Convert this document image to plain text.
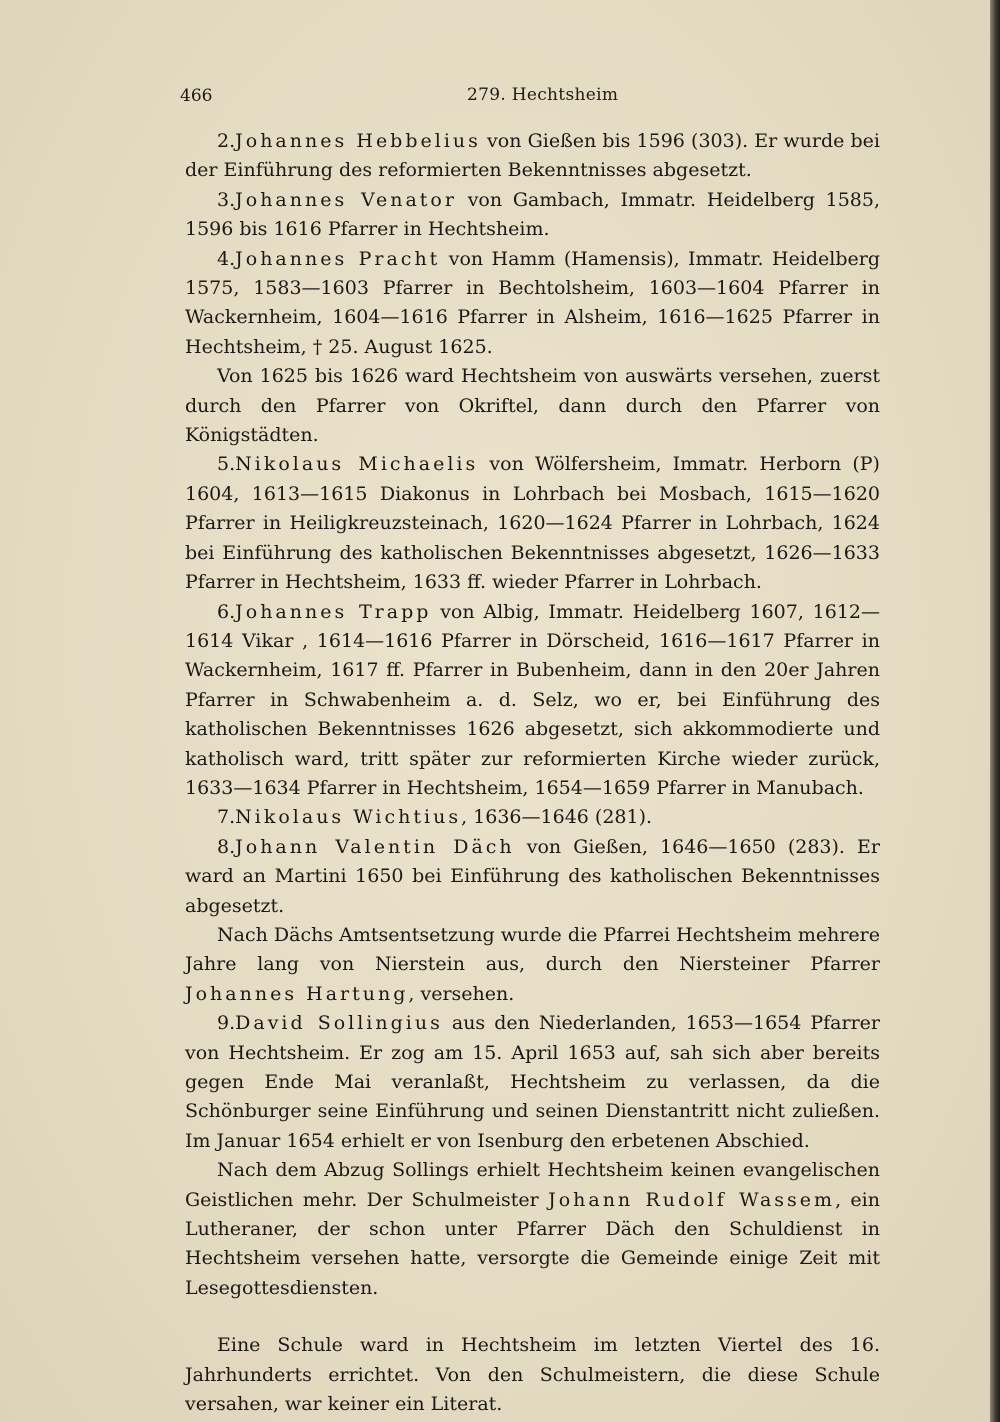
466	279. Hechtsheim

2.Johannes Hebbelius von Gießen bis 1596 (303). Er wurde bei der Einführung des reformierten Bekenntnisses abgesetzt.

3.Johannes Venator von Gambach, Immatr. Heidelberg 1585, 1596 bis 1616 Pfarrer in Hechtsheim.

4.Johannes Pracht von Hamm (Hamensis), Immatr. Heidelberg 1575, 1583—1603 Pfarrer in Bechtolsheim, 1603—1604 Pfarrer in Wackernheim, 1604—1616 Pfarrer in Alsheim, 1616—1625 Pfarrer in Hechtsheim, † 25. August 1625.

Von 1625 bis 1626 ward Hechtsheim von auswärts versehen, zuerst durch den Pfarrer von Okriftel, dann durch den Pfarrer von Königstädten.

5.Nikolaus Michaelis von Wölfersheim, Immatr. Herborn (P) 1604, 1613—1615 Diakonus in Lohrbach bei Mosbach, 1615—1620 Pfarrer in Heiligkreuzsteinach, 1620—1624 Pfarrer in Lohrbach, 1624 bei Einführung des katholischen Bekenntnisses abgesetzt, 1626—1633 Pfarrer in Hechtsheim, 1633 ff. wieder Pfarrer in Lohrbach.

6.Johannes Trapp von Albig, Immatr. Heidelberg 1607, 1612—1614 Vikar , 1614—1616 Pfarrer in Dörscheid, 1616—1617 Pfarrer in Wackernheim, 1617 ff. Pfarrer in Bubenheim, dann in den 20er Jahren Pfarrer in Schwabenheim a. d. Selz, wo er, bei Einführung des katholischen Bekenntnisses 1626 abgesetzt, sich akkommodierte und katholisch ward, tritt später zur reformierten Kirche wieder zurück, 1633—1634 Pfarrer in Hechtsheim, 1654—1659 Pfarrer in Manubach.

7.Nikolaus Wichtius, 1636—1646 (281).

8.Johann Valentin Däch von Gießen, 1646—1650 (283). Er ward an Martini 1650 bei Einführung des katholischen Bekenntnisses abgesetzt.

Nach Dächs Amtsentsetzung wurde die Pfarrei Hechtsheim mehrere Jahre lang von Nierstein aus, durch den Niersteiner Pfarrer Johannes Hartung, versehen.

9.David Sollingius aus den Niederlanden, 1653—1654 Pfarrer von Hechtsheim. Er zog am 15. April 1653 auf, sah sich aber bereits gegen Ende Mai veranlaßt, Hechtsheim zu verlassen, da die Schönburger seine Einführung und seinen Dienstantritt nicht zuließen. Im Januar 1654 erhielt er von Isenburg den erbetenen Abschied.

Nach dem Abzug Sollings erhielt Hechtsheim keinen evangelischen Geistlichen mehr. Der Schulmeister Johann Rudolf Wassem, ein Lutheraner, der schon unter Pfarrer Däch den Schuldienst in Hechtsheim versehen hatte, versorgte die Gemeinde einige Zeit mit Lesegottesdiensten.

Eine Schule ward in Hechtsheim im letzten Viertel des 16. Jahrhunderts errichtet. Von den Schulmeistern, die diese Schule versahen, war keiner ein Literat.
